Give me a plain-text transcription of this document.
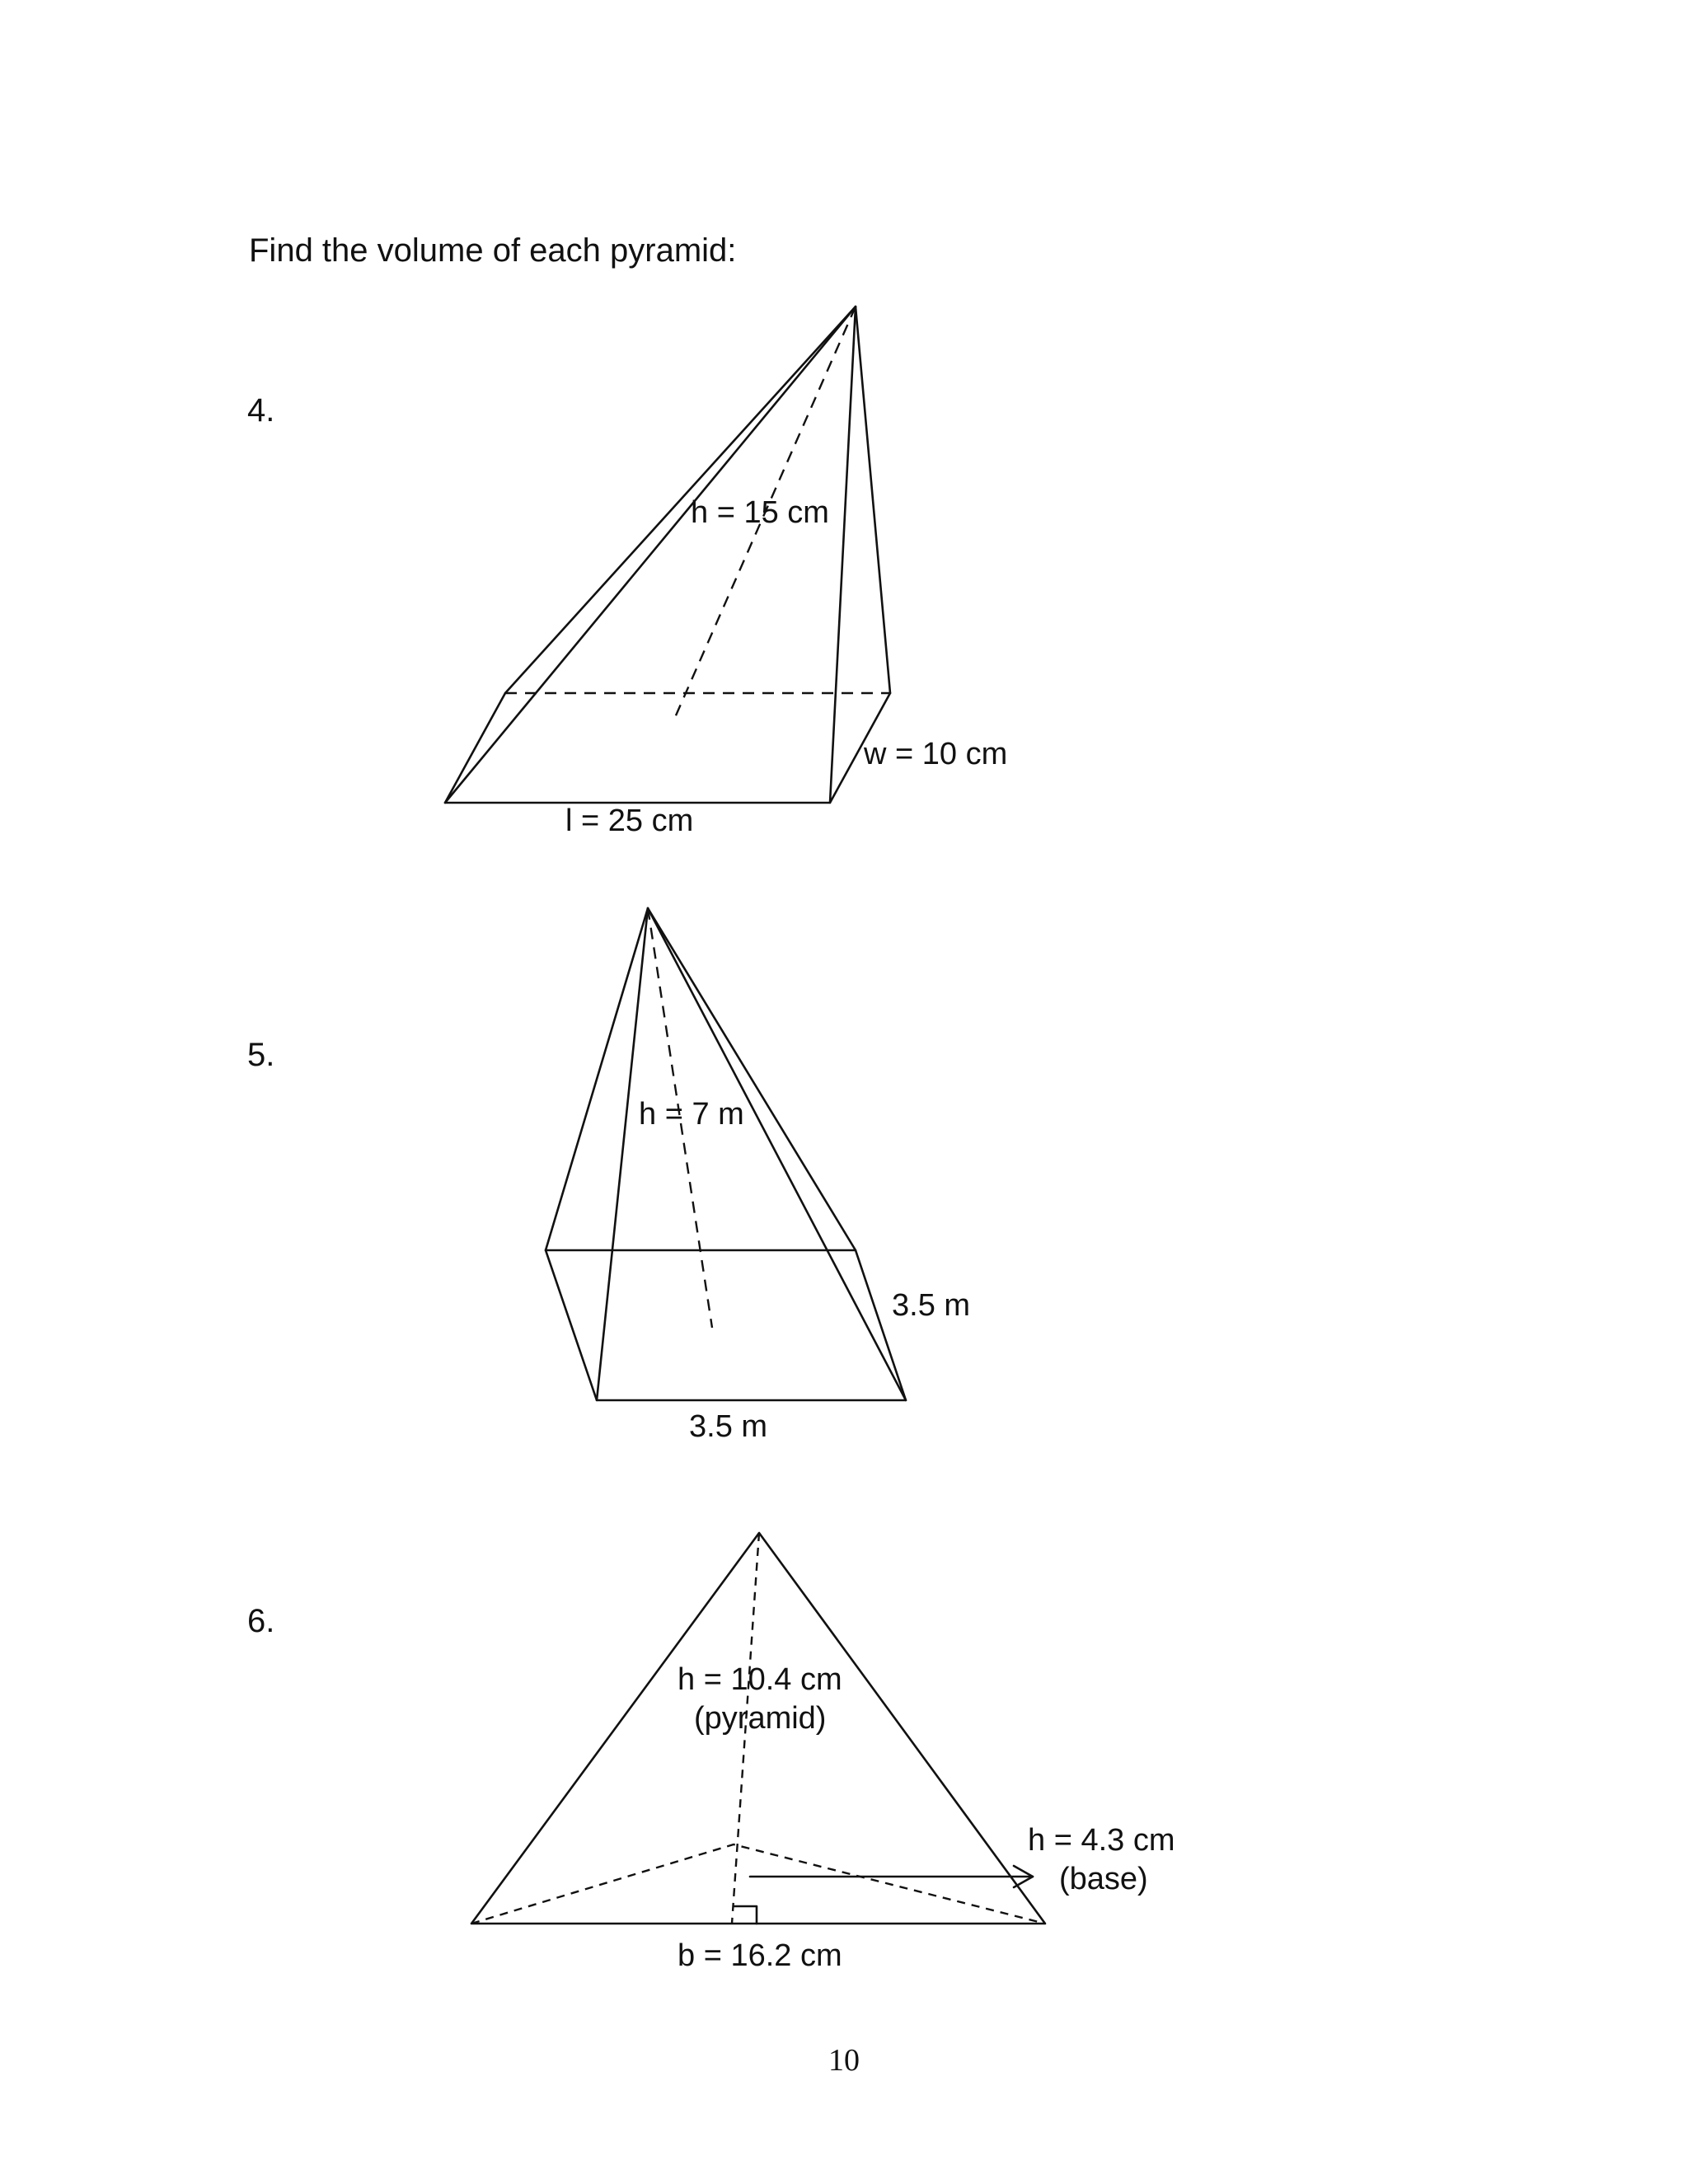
Find the volume of each pyramid:
4.
5.
6.
h = 15 cm
w = 10 cm
l = 25 cm
h = 7 m
3.5 m
3.5 m
h = 10.4 cm
(pyramid)
h = 4.3 cm
(base)
b = 16.2 cm
10
